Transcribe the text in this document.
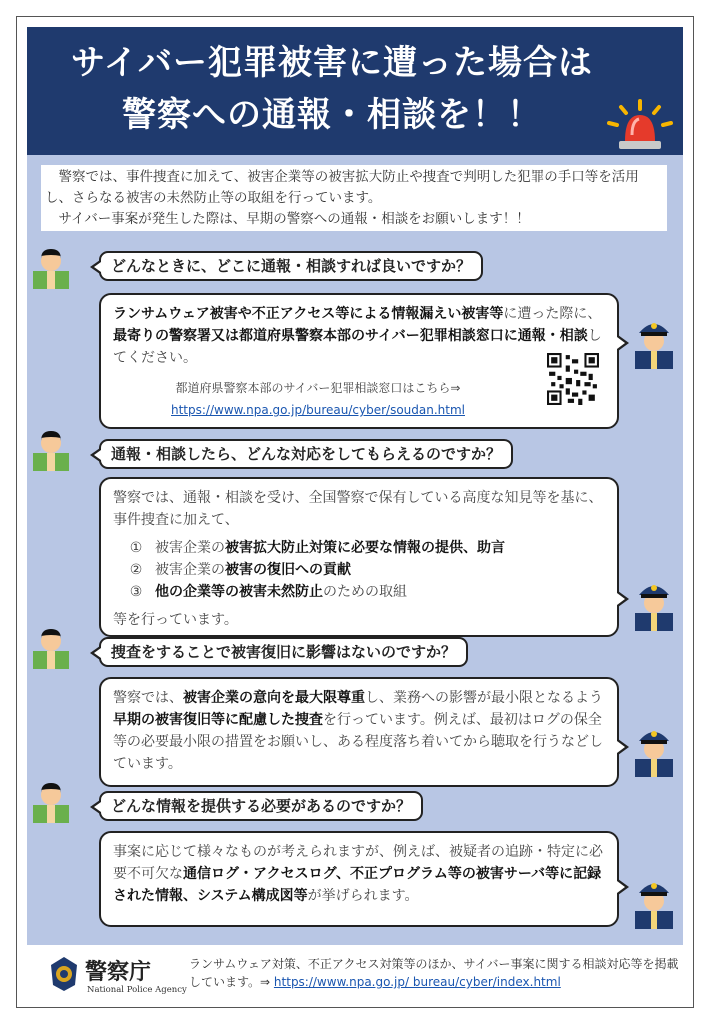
サイバー犯罪被害に遭った場合は
警察への通報・相談を！！

警察では、事件捜査に加えて、被害企業等の被害拡大防止や捜査で判明した犯罪の手口等を活用し、さらなる被害の未然防止等の取組を行っています。

サイバー事案が発生した際は、早期の警察への通報・相談をお願いします！！

どんなときに、どこに通報・相談すれば良いですか？
ランサムウェア被害や不正アクセス等による情報漏えい被害等に遭った際に、最寄りの警察署又は都道府県警察本部のサイバー犯罪相談窓口に通報・相談してください。
都道府県警察本部のサイバー犯罪相談窓口はこちら⇒
https://www.npa.go.jp/bureau/cyber/soudan.html
通報・相談したら、どんな対応をしてもらえるのですか？
警察では、通報・相談を受け、全国警察で保有している高度な知見等を基に、事件捜査に加えて、
① 被害企業の被害拡大防止対策に必要な情報の提供、助言
② 被害企業の被害の復旧への貢献
③ 他の企業等の被害未然防止のための取組
等を行っています。
捜査をすることで被害復旧に影響はないのですか？
警察では、被害企業の意向を最大限尊重し、業務への影響が最小限となるよう早期の被害復旧等に配慮した捜査を行っています。例えば、最初はログの保全等の必要最小限の措置をお願いし、ある程度落ち着いてから聴取を行うなどしています。
どんな情報を提供する必要があるのですか？
事案に応じて様々なものが考えられますが、例えば、被疑者の追跡・特定に必要不可欠な通信ログ・アクセスログ、不正プログラム等の被害サーバ等に記録された情報、システム構成図等が挙げられます。
警察庁
National Police Agency
ランサムウェア対策、不正アクセス対策等のほか、サイバー事案に関する相談対応等を掲載しています。⇒ https://www.npa.go.jp/ bureau/cyber/index.html
